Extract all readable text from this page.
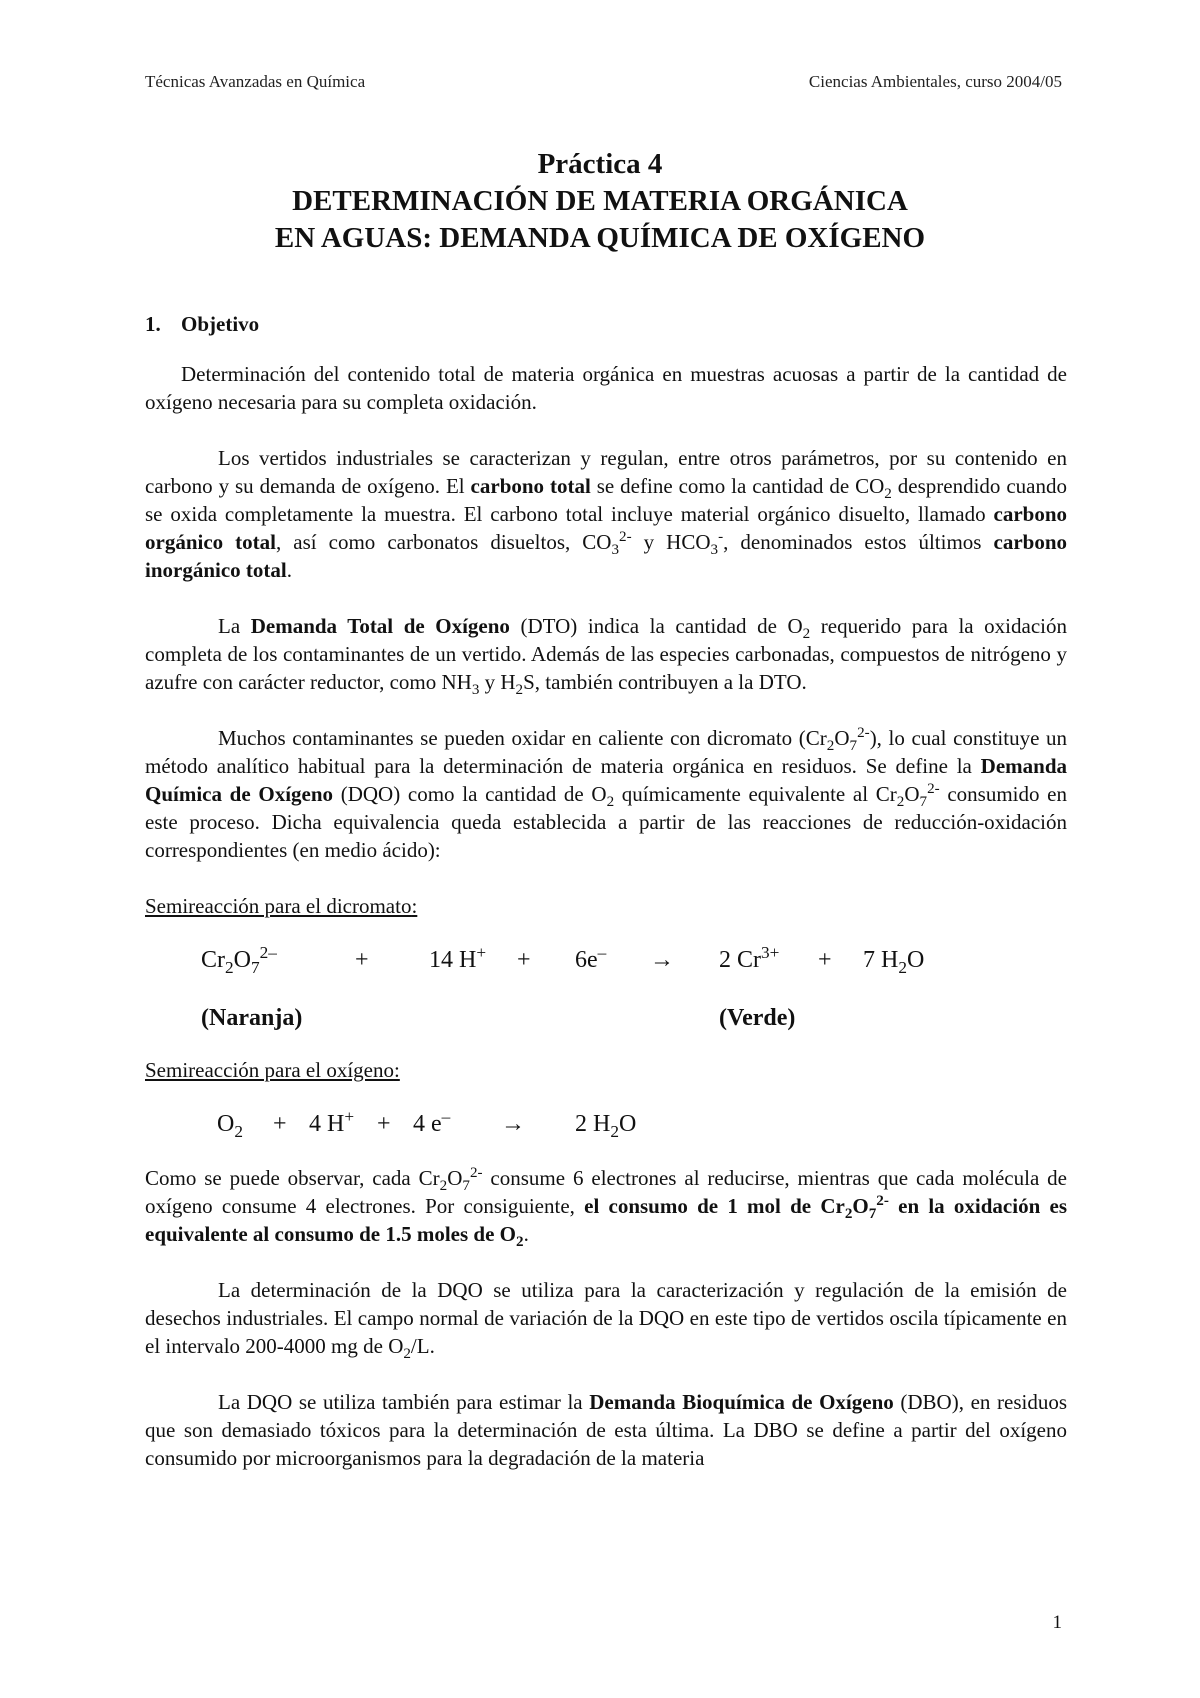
Técnicas Avanzadas en Química	Ciencias Ambientales, curso 2004/05
Práctica 4
DETERMINACIÓN DE MATERIA ORGÁNICA
EN AGUAS: DEMANDA QUÍMICA DE OXÍGENO
1. Objetivo

Determinación del contenido total de materia orgánica en muestras acuosas a partir de la cantidad de oxígeno necesaria para su completa oxidación.

Los vertidos industriales se caracterizan y regulan, entre otros parámetros, por su contenido en carbono y su demanda de oxígeno. El carbono total se define como la cantidad de $CO_2$ desprendido cuando se oxida completamente la muestra. El carbono total incluye material orgánico disuelto, llamado carbono orgánico total, así como carbonatos disueltos, $CO_3^{2-}$ y $HCO_3^-$, denominados estos últimos carbono inorgánico total.

La Demanda Total de Oxígeno (DTO) indica la cantidad de $O_2$ requerido para la oxidación completa de los contaminantes de un vertido. Además de las especies carbonadas, compuestos de nitrógeno y azufre con carácter reductor, como $NH_3$ y $H_2S$, también contribuyen a la DTO.

Muchos contaminantes se pueden oxidar en caliente con dicromato $(Cr_2O_7^{2-})$, lo cual constituye un método analítico habitual para la determinación de materia orgánica en residuos. Se define la Demanda Química de Oxígeno (DQO) como la cantidad de $O_2$ químicamente equivalente al $Cr_2O_7^{2-}$ consumido en este proceso. Dicha equivalencia queda establecida a partir de las reacciones de reducción-oxidación correspondientes (en medio ácido):

Semireacción para el dicromato:
$Cr_2O_7^{2-}$	+	14 H+ + 6e– → 2 $Cr^{3+} + 7$ $H_2O$
(Naranja)	(Verde)
Semireacción para el oxígeno:
$O_2 + 4$ H+ + 4 e– → 2 $H_2O$

Como se puede observar, cada $Cr_2O_7^{2-}$ consume 6 electrones al reducirse, mientras que cada molécula de oxígeno consume 4 electrones. Por consiguiente, el consumo de 1 mol de $Cr_2O_7^{2-}$ en la oxidación es equivalente al consumo de 1.5 moles de $O_2$.

La determinación de la DQO se utiliza para la caracterización y regulación de la emisión de desechos industriales. El campo normal de variación de la DQO en este tipo de vertidos oscila típicamente en el intervalo 200-4000 mg de $O_2/L$.

La DQO se utiliza también para estimar la Demanda Bioquímica de Oxígeno (DBO), en residuos que son demasiado tóxicos para la determinación de esta última. La DBO se define a partir del oxígeno consumido por microorganismos para la degradación de la materia

1
